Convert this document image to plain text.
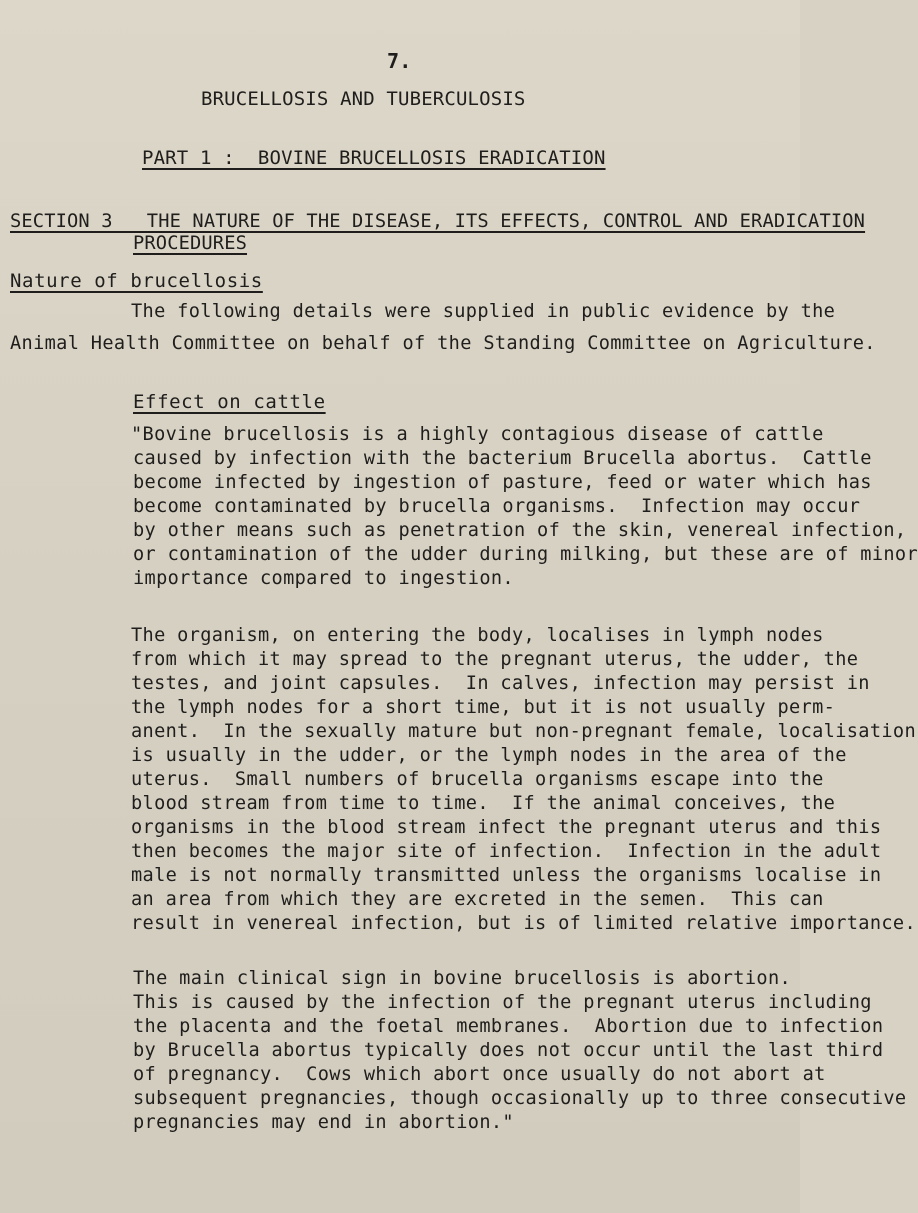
7.
BRUCELLOSIS AND TUBERCULOSIS
PART 1 :  BOVINE BRUCELLOSIS ERADICATION
SECTION 3   THE NATURE OF THE DISEASE, ITS EFFECTS, CONTROL AND ERADICATION
PROCEDURES
Nature of brucellosis
The following details were supplied in public evidence by the
Animal Health Committee on behalf of the Standing Committee on Agriculture.
Effect on cattle
"Bovine brucellosis is a highly contagious disease of cattle
caused by infection with the bacterium Brucella abortus.  Cattle
become infected by ingestion of pasture, feed or water which has
become contaminated by brucella organisms.  Infection may occur
by other means such as penetration of the skin, venereal infection,
or contamination of the udder during milking, but these are of minor
importance compared to ingestion.
The organism, on entering the body, localises in lymph nodes
from which it may spread to the pregnant uterus, the udder, the
testes, and joint capsules.  In calves, infection may persist in
the lymph nodes for a short time, but it is not usually perm-
anent.  In the sexually mature but non-pregnant female, localisation
is usually in the udder, or the lymph nodes in the area of the
uterus.  Small numbers of brucella organisms escape into the
blood stream from time to time.  If the animal conceives, the
organisms in the blood stream infect the pregnant uterus and this
then becomes the major site of infection.  Infection in the adult
male is not normally transmitted unless the organisms localise in
an area from which they are excreted in the semen.  This can
result in venereal infection, but is of limited relative importance.
The main clinical sign in bovine brucellosis is abortion.
This is caused by the infection of the pregnant uterus including
the placenta and the foetal membranes.  Abortion due to infection
by Brucella abortus typically does not occur until the last third
of pregnancy.  Cows which abort once usually do not abort at
subsequent pregnancies, though occasionally up to three consecutive
pregnancies may end in abortion."
